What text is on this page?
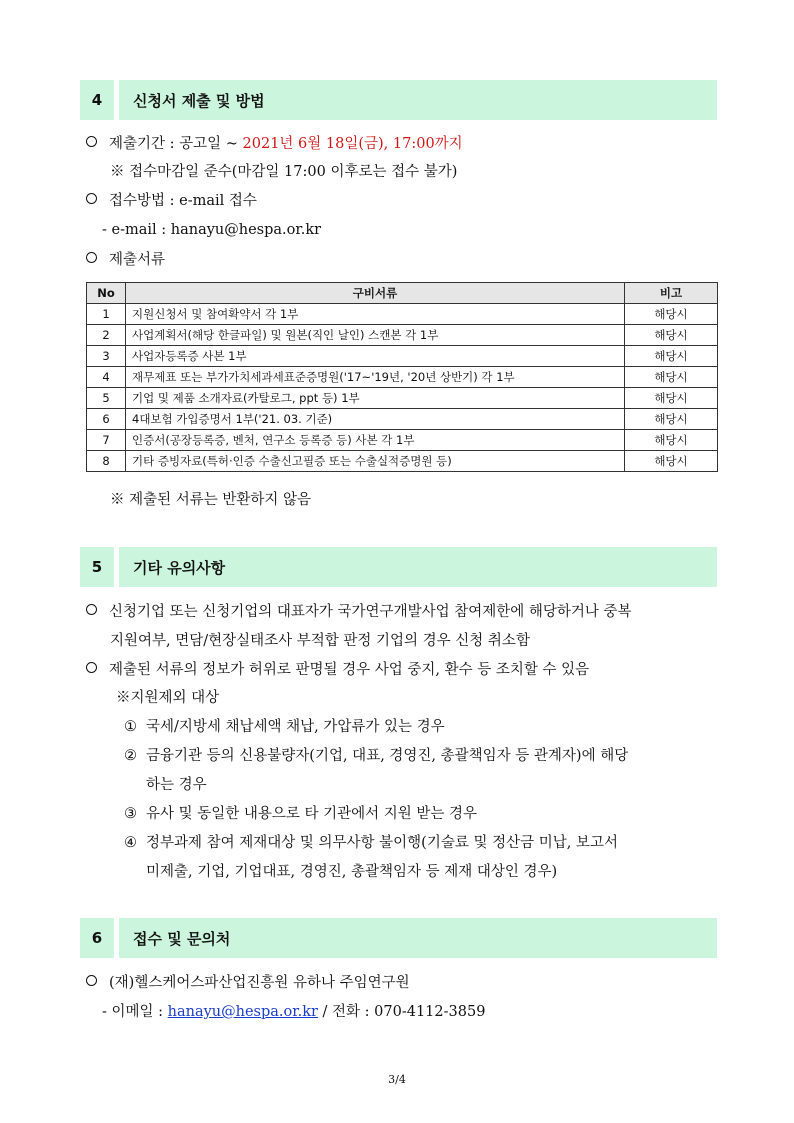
4	신청서 제출 및 방법
제출기간 : 공고일 ~ 2021년 6월 18일(금), 17:00까지
※ 접수마감일 준수(마감일 17:00 이후로는 접수 불가)
접수방법 : e-mail 접수
- e-mail : hanayu@hespa.or.kr
제출서류
No	구비서류	비고
1	지원신청서 및 참여확약서 각 1부	해당시
2	사업계획서(해당 한글파일) 및 원본(직인 날인) 스캔본 각 1부	해당시
3	사업자등록증 사본 1부	해당시
4	재무제표 또는 부가가치세과세표준증명원('17~'19년, '20년 상반기) 각 1부	해당시
5	기업 및 제품 소개자료(카탈로그, ppt 등) 1부	해당시
6	4대보험 가입증명서 1부('21. 03. 기준)	해당시
7	인증서(공장등록증, 벤처, 연구소 등록증 등) 사본 각 1부	해당시
8	기타 증빙자료(특허·인증 수출신고필증 또는 수출실적증명원 등)	해당시
※ 제출된 서류는 반환하지 않음
5	기타 유의사항
신청기업 또는 신청기업의 대표자가 국가연구개발사업 참여제한에 해당하거나 중복
지원여부, 면담/현장실태조사 부적합 판정 기업의 경우 신청 취소함
제출된 서류의 정보가 허위로 판명될 경우 사업 중지, 환수 등 조치할 수 있음
※지원제외 대상
① 국세/지방세 채납세액 채납, 가압류가 있는 경우
② 금융기관 등의 신용불량자(기업, 대표, 경영진, 총괄책임자 등 관계자)에 해당
하는 경우
③ 유사 및 동일한 내용으로 타 기관에서 지원 받는 경우
④ 정부과제 참여 제재대상 및 의무사항 불이행(기술료 및 정산금 미납, 보고서
미제출, 기업, 기업대표, 경영진, 총괄책임자 등 제재 대상인 경우)
6	접수 및 문의처
(재)헬스케어스파산업진흥원 유하나 주임연구원
- 이메일 : hanayu@hespa.or.kr / 전화 : 070-4112-3859
3/4
